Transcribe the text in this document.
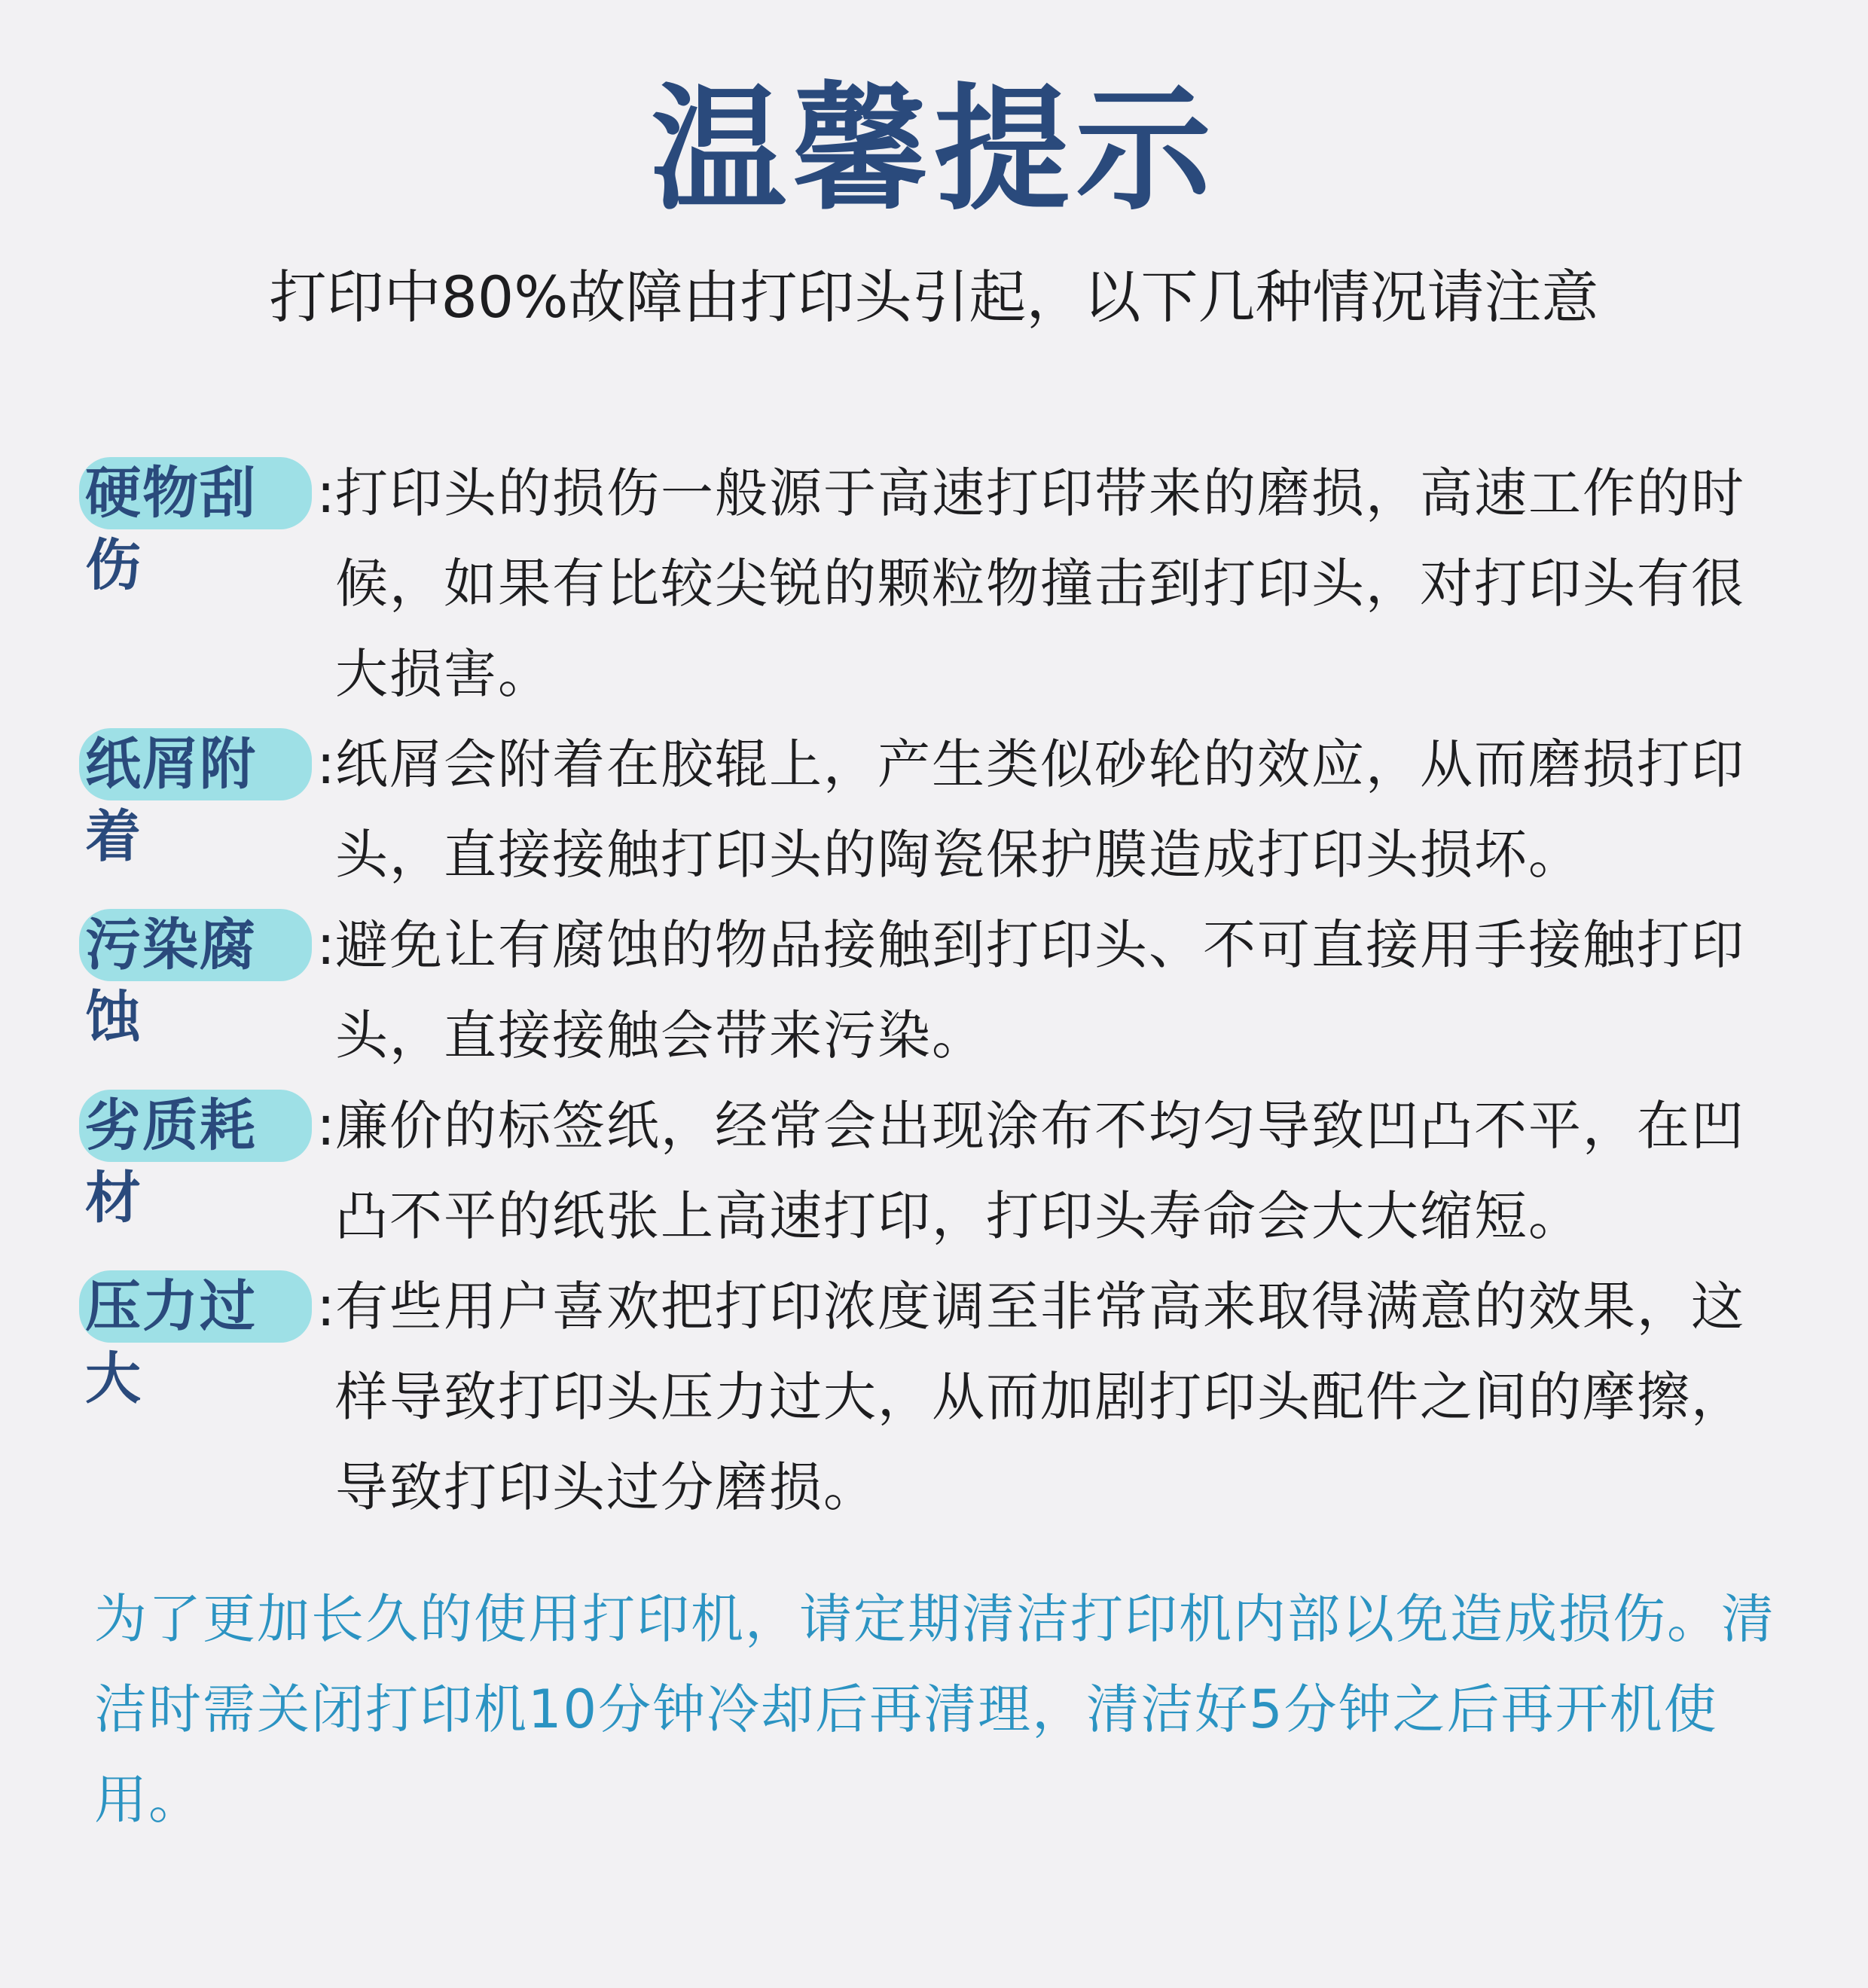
温馨提示
打印中80%故障由打印头引起，以下几种情况请注意
硬物刮伤
: 打印头的损伤一般源于高速打印带来的磨损，高速工作的时候，如果有比较尖锐的颗粒物撞击到打印头，对打印头有很大损害。
纸屑附着
: 纸屑会附着在胶辊上，产生类似砂轮的效应，从而磨损打印头，直接接触打印头的陶瓷保护膜造成打印头损坏。
污染腐蚀
: 避免让有腐蚀的物品接触到打印头、不可直接用手接触打印头，直接接触会带来污染。
劣质耗材
: 廉价的标签纸，经常会出现涂布不均匀导致凹凸不平，在凹凸不平的纸张上高速打印，打印头寿命会大大缩短。
压力过大
: 有些用户喜欢把打印浓度调至非常高来取得满意的效果，这样导致打印头压力过大，从而加剧打印头配件之间的摩擦，导致打印头过分磨损。
为了更加长久的使用打印机，请定期清洁打印机内部以免造成损伤。清洁时需关闭打印机10分钟冷却后再清理，清洁好5分钟之后再开机使用。
